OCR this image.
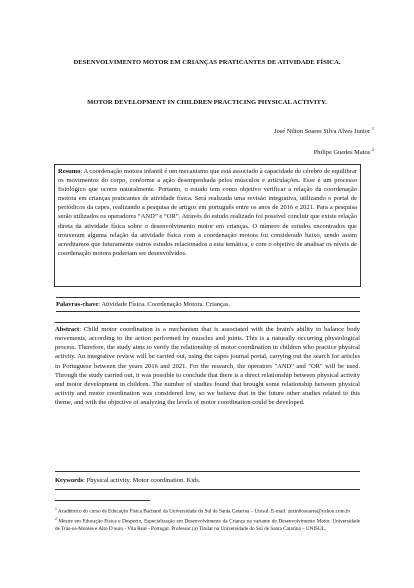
DESENVOLVIMENTO MOTOR EM CRIANÇAS PRATICANTES DE ATIVIDADE FÍSICA.
MOTOR DEVELOPMENT IN CHILDREN PRACTICING PHYSICAL ACTIVITY.
José Nilton Soares Silva Alves Junior $^1$
Philipe Guedes Matos $^2$
Resumo: A coordenação motora infantil é um mecanismo que está associado à capacidade do cérebro de equilibrar os movimentos do corpo, conforme a ação desempenhada pelos músculos e articulações. Esse é um processo fisiológico que ocorre naturalmente. Portanto, o estudo tem como objetivo verificar a relação da coordenação motora em crianças praticantes de atividade física. Será realizada uma revisão integrativa, utilizando o portal de periódicos da capes, realizando a pesquisa de artigos em português entre os anos de 2016 e 2021. Para a pesquisa serão utilizados os operadores “AND” e “OR”. Através do estudo realizado foi possível concluir que existe relação direta da atividade física sobre o desenvolvimento motor em crianças. O número de estudos encontrados que trouxeram alguma relação da atividade física com a coordenação motora foi considerado baixo, sendo assim acreditamos que futuramente outros estudos relacionados a esta temática, e com o objetivo de analisar os níveis de coordenação motora poderiam ser desenvolvidos.
Palavras-chave: Atividade Física. Coordenação Motora. Crianças.
Abstract: Child motor coordination is a mechanism that is associated with the brain's ability to balance body movements, according to the action performed by muscles and joints. This is a naturally occurring physiological process. Therefore, the study aims to verify the relationship of motor coordination in children who practice physical activity. An integrative review will be carried out, using the capes journal portal, carrying out the search for articles in Portuguese between the years 2016 and 2021. For the research, the operators "AND" and "OR" will be used. Through the study carried out, it was possible to conclude that there is a direct relationship between physical activity and motor development in children. The number of studies found that brought some relationship between physical activity and motor coordination was considered low, so we believe that in the future other studies related to this theme, and with the objective of analyzing the levels of motor coordination could be developed.
Keywords: Physical activity. Motor coordination. Kids.

$^1$ Acadêmico do curso de Educação Física Bacharel da Universidade do Sul de Santa Catarina – Unisul. E-mail: zezinhosoares@yahoo.com.br

$^2$ Mestre em Educação Física e Desporto, Especialização em Desenvolvimento da Criança na variante do Desenvolvimento Motor. Universidade de Trás-os-Montes e Alto D'ouro - Vila Real - Portugal. Professor (a) Titular na Universidade do Sul de Santa Catarina – UNISUL.
